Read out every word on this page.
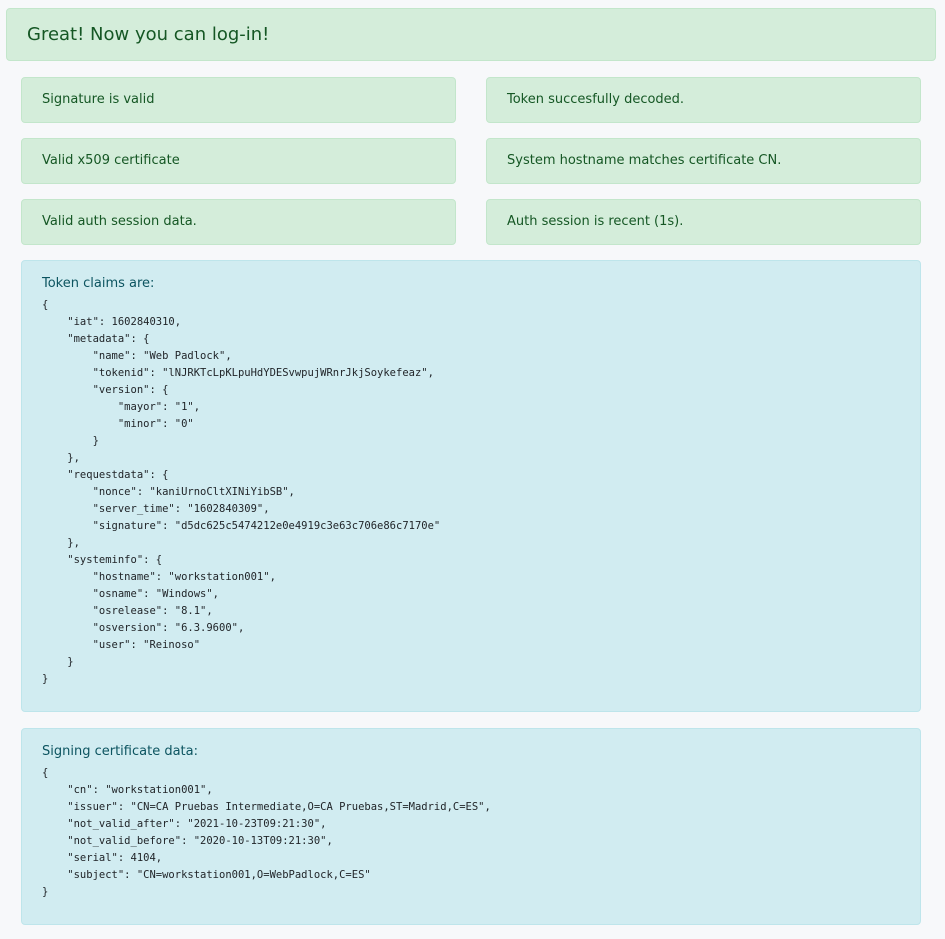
Great! Now you can log-in!
Signature is valid	Token succesfully decoded.
Valid x509 certificate	System hostname matches certificate CN.
Valid auth session data.	Auth session is recent (1s).
Token claims are:
{
"iat": 1602840310,
"metadata": {
"name": "Web Padlock",
"tokenid": "lNJRKTcLpKLpuHdYDESvwpujWRnrJkjSoykefeaz",
"version": {
"mayor": "1",
"minor": "0"
}
},
"requestdata": {
"nonce": "kaniUrnoCltXINiYibSB",
"server_time": "1602840309",
"signature": "d5dc625c5474212e0e4919c3e63c706e86c7170e"
},
"systeminfo": {
"hostname": "workstation001",
"osname": "Windows",
"osrelease": "8.1",
"osversion": "6.3.9600",
"user": "Reinoso"
}
}
Signing certificate data:
{
"cn": "workstation001",
"issuer": "CN=CA Pruebas Intermediate,O=CA Pruebas,ST=Madrid,C=ES",
"not_valid_after": "2021-10-23T09:21:30",
"not_valid_before": "2020-10-13T09:21:30",
"serial": 4104,
"subject": "CN=workstation001,O=WebPadlock,C=ES"
}
